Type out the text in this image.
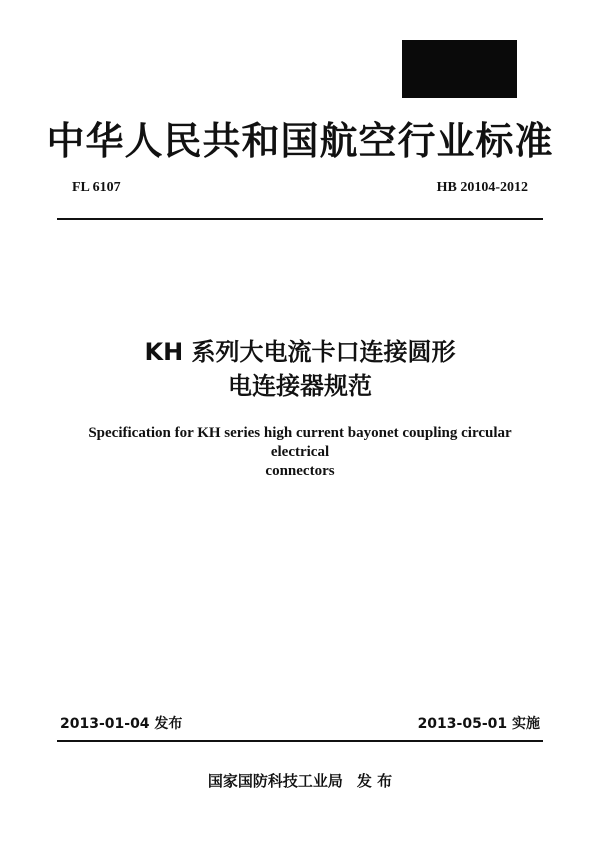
中华人民共和国航空行业标准
FL 6107	HB 20104-2012
KH 系列大电流卡口连接圆形
电连接器规范
Specification for KH series high current bayonet coupling circular electrical
connectors
2013-01-04 发布	2013-05-01 实施
国家国防科技工业局 发 布
